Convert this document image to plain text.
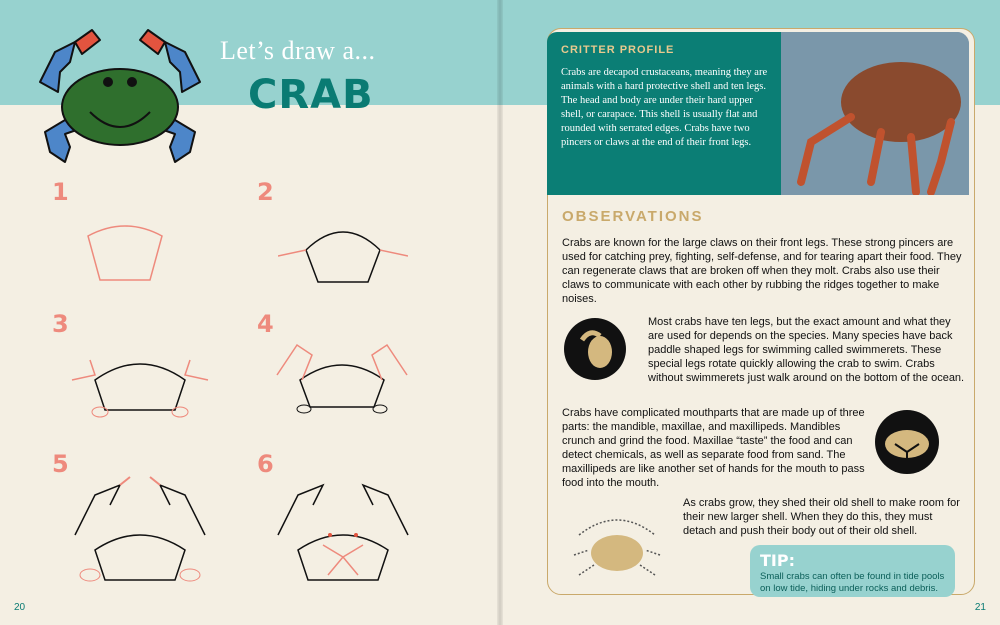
Let’s draw a...
CRAB
1	2
3	4
5	6
20
CRITTER PROFILE
Crabs are decapod crustaceans, meaning they are animals with a hard protective shell and ten legs. The head and body are under their hard upper shell, or carapace. This shell is usually flat and rounded with serrated edges. Crabs have two pincers or claws at the end of their front legs.
OBSERVATIONS
Crabs are known for the large claws on their front legs. These strong pincers are used for catching prey, fighting, self-defense, and for tearing apart their food. They can regenerate claws that are broken off when they molt. Crabs also use their claws to communicate with each other by rubbing the ridges together to make noises.
Most crabs have ten legs, but the exact amount and what they are used for depends on the species. Many species have back paddle shaped legs for swimming called swimmerets. These special legs rotate quickly allowing the crab to swim. Crabs without swimmerets just walk around on the bottom of the ocean.
Crabs have complicated mouthparts that are made up of three parts: the mandible, maxillae, and maxillipeds. Mandibles crunch and grind the food. Maxillae “taste” the food and can detect chemicals, as well as separate food from sand. The maxillipeds are like another set of hands for the mouth to pass food into the mouth.
As crabs grow, they shed their old shell to make room for their new larger shell. When they do this, they must detach and push their body out of their old shell.
TIP:
Small crabs can often be found in tide pools on low tide, hiding under rocks and debris.
21
